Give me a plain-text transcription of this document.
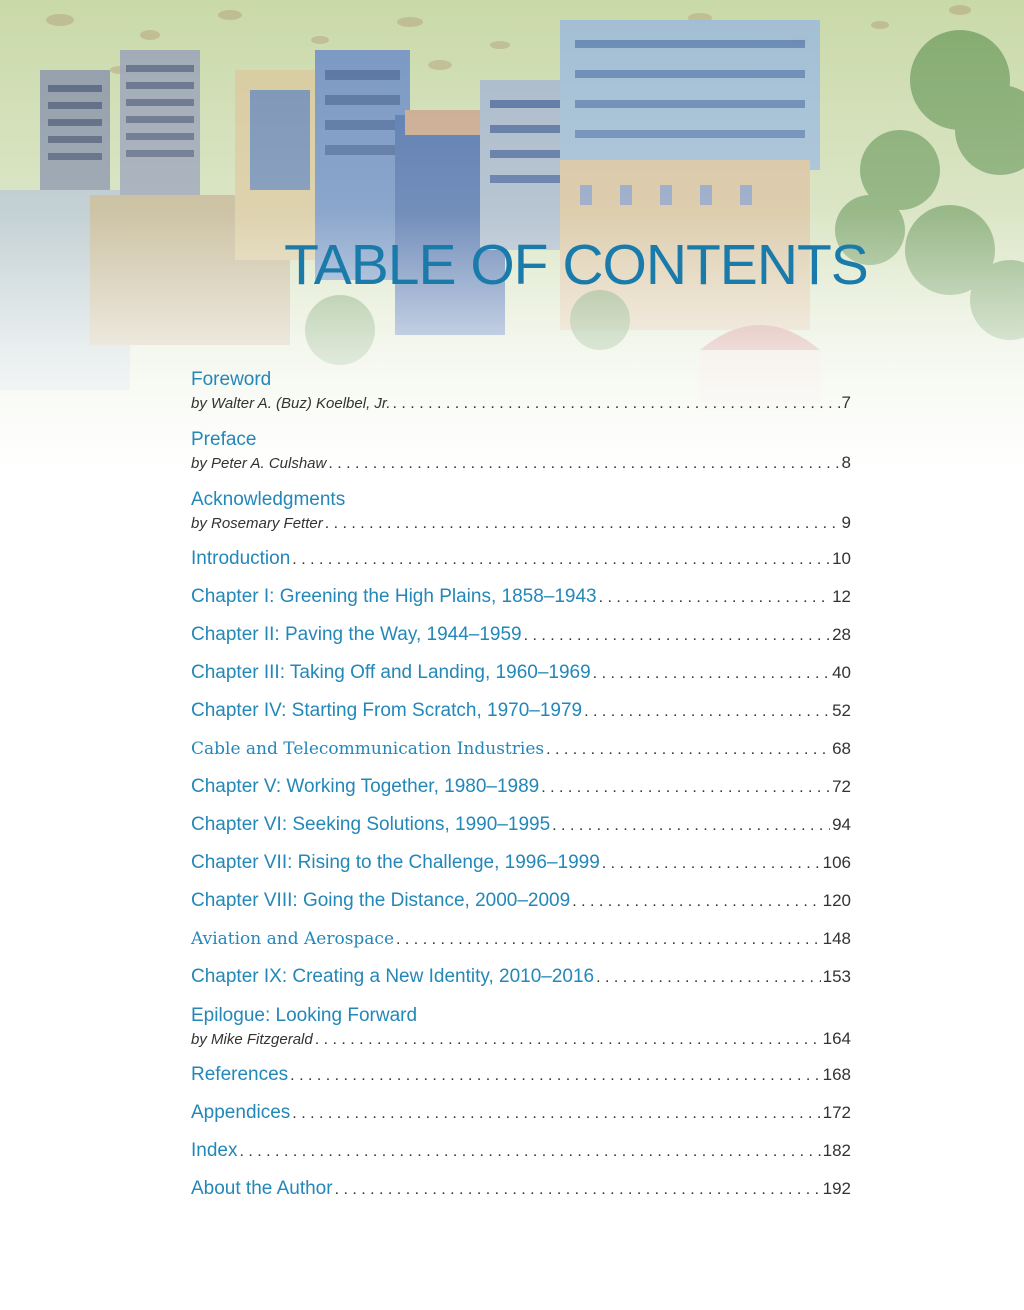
TABLE OF CONTENTS
Foreword
by Walter A. (Buz) Koelbel, Jr. . . .	7
Preface
by Peter A. Culshaw . . .	8
Acknowledgments
by Rosemary Fetter . . .	9
Introduction . . .	10
Chapter I: Greening the High Plains, 1858–1943 . . .	12
Chapter II: Paving the Way, 1944–1959 . . .	28
Chapter III: Taking Off and Landing, 1960–1969 . . .	40
Chapter IV: Starting From Scratch, 1970–1979 . . .	52
Cable and Telecommunication Industries . . .	68
Chapter V: Working Together, 1980–1989 . . .	72
Chapter VI: Seeking Solutions, 1990–1995 . . .	94
Chapter VII: Rising to the Challenge, 1996–1999 . . .	106
Chapter VIII: Going the Distance, 2000–2009 . . .	120
Aviation and Aerospace . . .	148
Chapter IX: Creating a New Identity, 2010–2016 . . .	153
Epilogue: Looking Forward
by Mike Fitzgerald . . .	164
References . . .	168
Appendices . . .	172
Index . . .	182
About the Author . . .	192
